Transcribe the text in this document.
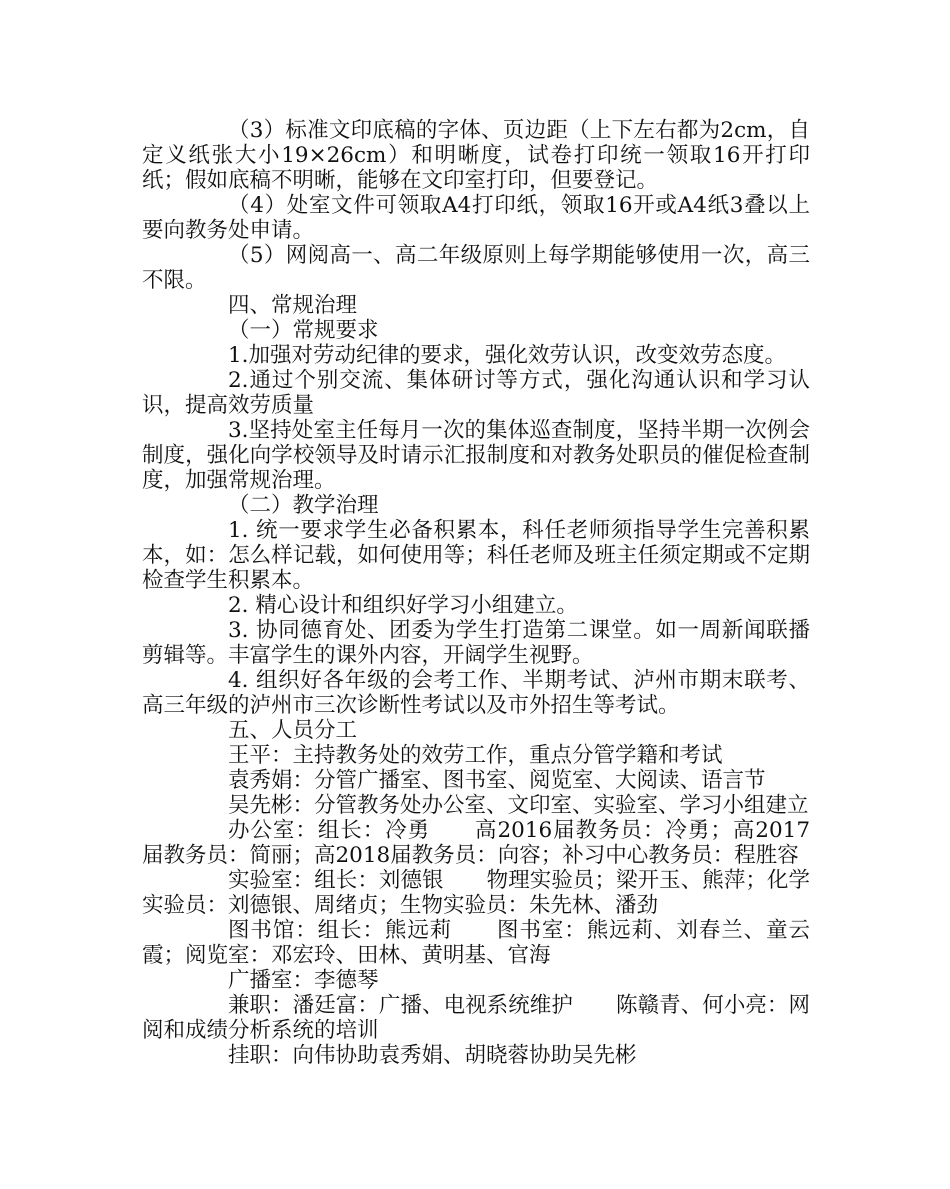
（3）标准文印底稿的字体、页边距（上下左右都为2cm，自定义纸张大小19×26cm）和明晰度，试卷打印统一领取16开打印纸；假如底稿不明晰，能够在文印室打印，但要登记。

（4）处室文件可领取A4打印纸，领取16开或A4纸3叠以上要向教务处申请。

（5）网阅高一、高二年级原则上每学期能够使用一次，高三不限。

四、常规治理

（一）常规要求

1.加强对劳动纪律的要求，强化效劳认识，改变效劳态度。

2.通过个别交流、集体研讨等方式，强化沟通认识和学习认识，提高效劳质量

3.坚持处室主任每月一次的集体巡查制度，坚持半期一次例会制度，强化向学校领导及时请示汇报制度和对教务处职员的催促检查制度，加强常规治理。

（二）教学治理

1. 统一要求学生必备积累本，科任老师须指导学生完善积累本，如：怎么样记载，如何使用等；科任老师及班主任须定期或不定期检查学生积累本。

2. 精心设计和组织好学习小组建立。

3. 协同德育处、团委为学生打造第二课堂。如一周新闻联播剪辑等。丰富学生的课外内容，开阔学生视野。

4. 组织好各年级的会考工作、半期考试、泸州市期末联考、高三年级的泸州市三次诊断性考试以及市外招生等考试。

五、人员分工

王平：主持教务处的效劳工作，重点分管学籍和考试

袁秀娟：分管广播室、图书室、阅览室、大阅读、语言节

吴先彬：分管教务处办公室、文印室、实验室、学习小组建立

办公室：组长：冷勇　　高2016届教务员：冷勇；高2017届教务员：简丽；高2018届教务员：向容；补习中心教务员：程胜容

实验室：组长：刘德银　　物理实验员；梁开玉、熊萍；化学实验员：刘德银、周绪贞；生物实验员：朱先林、潘劲

图书馆：组长：熊远莉　　图书室：熊远莉、刘春兰、童云霞；阅览室：邓宏玲、田林、黄明基、官海

广播室：李德琴

兼职：潘廷富：广播、电视系统维护　　陈赣青、何小亮：网阅和成绩分析系统的培训

挂职：向伟协助袁秀娟、胡晓蓉协助吴先彬
